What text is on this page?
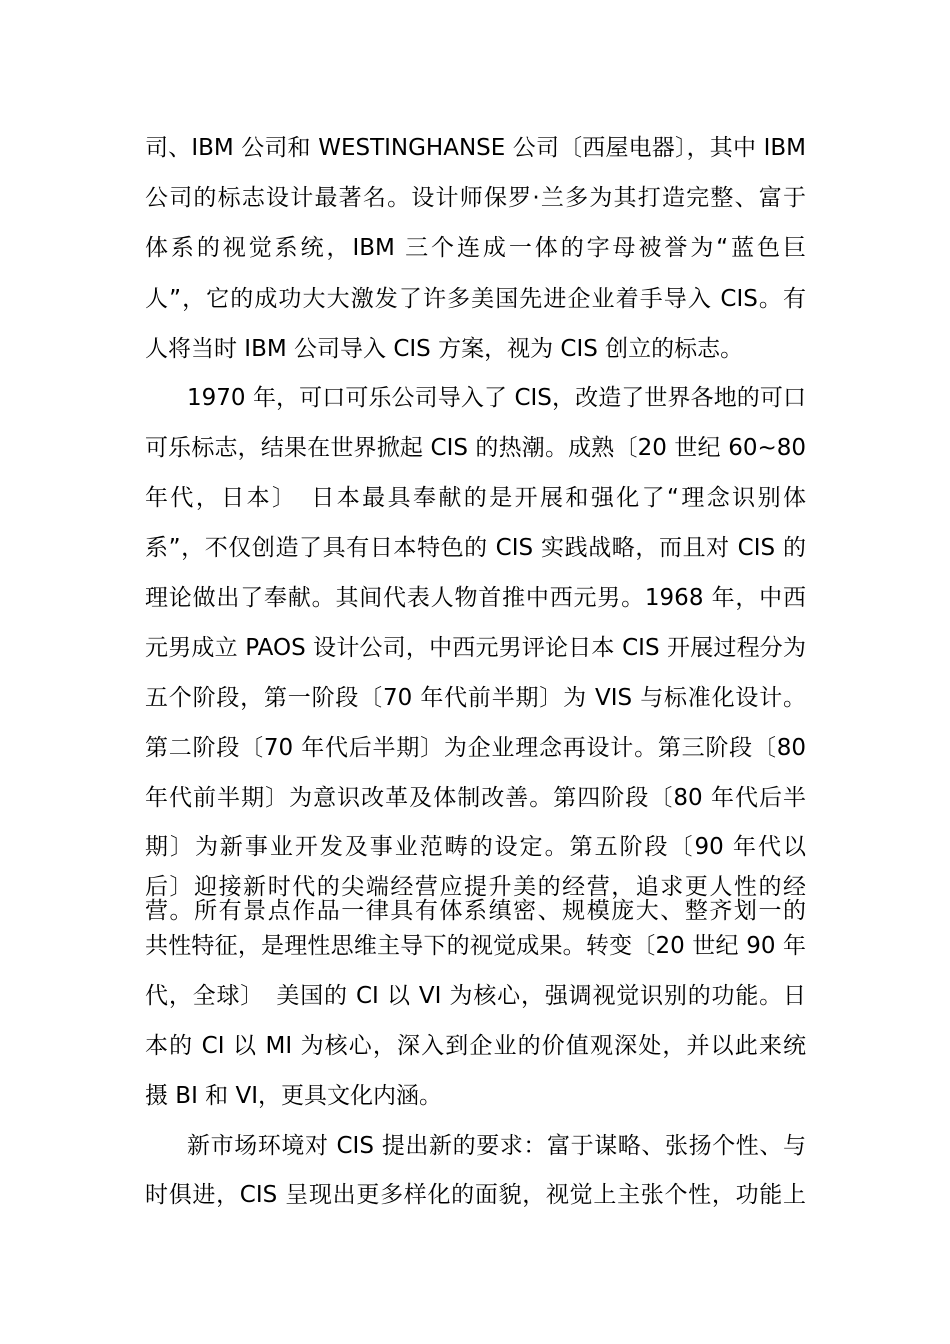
司、IBM 公司和 WESTINGHANSE 公司〔西屋电器〕，其中 IBM

公司的标志设计最著名。设计师保罗·兰多为其打造完整、富于

体系的视觉系统，IBM 三个连成一体的字母被誉为“蓝色巨

人”，它的成功大大激发了许多美国先进企业着手导入 CIS。有

人将当时 IBM 公司导入 CIS 方案，视为 CIS 创立的标志。

1970 年，可口可乐公司导入了 CIS，改造了世界各地的可口

可乐标志，结果在世界掀起 CIS 的热潮。成熟〔20 世纪 60~80

年代，日本〕　日本最具奉献的是开展和强化了“理念识别体

系”，不仅创造了具有日本特色的 CIS 实践战略，而且对 CIS 的

理论做出了奉献。其间代表人物首推中西元男。1968 年，中西

元男成立 PAOS 设计公司，中西元男评论日本 CIS 开展过程分为

五个阶段，第一阶段〔70 年代前半期〕为 VIS 与标准化设计。

第二阶段〔70 年代后半期〕为企业理念再设计。第三阶段〔80

年代前半期〕为意识改革及体制改善。第四阶段〔80 年代后半

期〕为新事业开发及事业范畴的设定。第五阶段〔90 年代以

后〕迎接新时代的尖端经营应提升美的经营，追求更人性的经

营。所有景点作品一律具有体系缜密、规模庞大、整齐划一的

共性特征，是理性思维主导下的视觉成果。转变〔20 世纪 90 年

代，全球〕　美国的 CI 以 VI 为核心，强调视觉识别的功能。日

本的 CI 以 MI 为核心，深入到企业的价值观深处，并以此来统

摄 BI 和 VI，更具文化内涵。

新市场环境对 CIS 提出新的要求：富于谋略、张扬个性、与

时俱进，CIS 呈现出更多样化的面貌，视觉上主张个性，功能上
